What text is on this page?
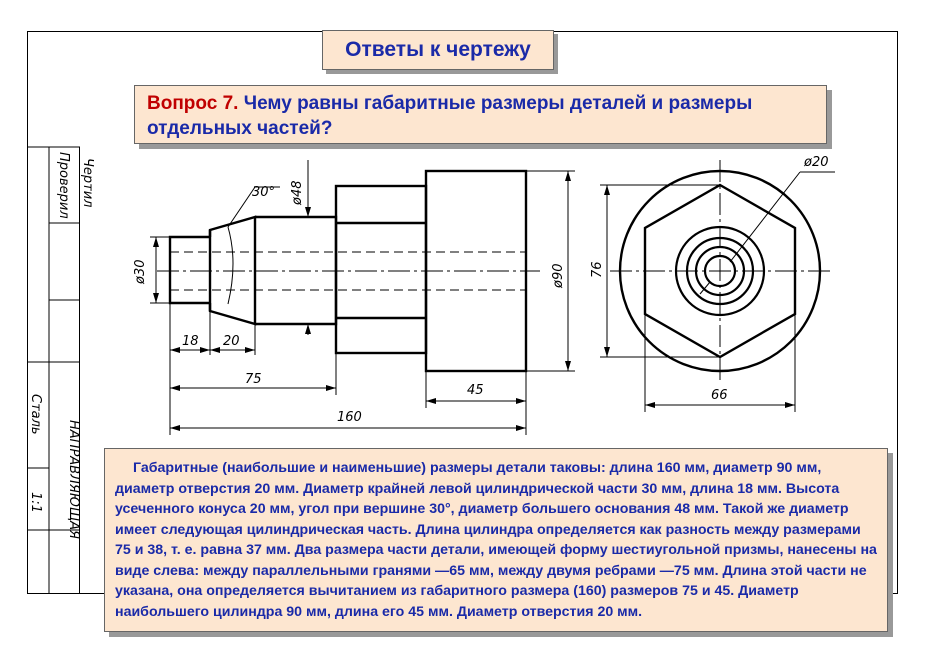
ø30
ø48
30°
18 20
75
45
160
ø90 76
66
ø20
Чертил
Проверил
Сталь
НАПРАВЛЯЮЩАЯ
1:1
Ответы к чертежу
Вопрос 7. Чему равны габаритные размеры деталей и размеры отдельных частей?
Габаритные (наибольшие и наименьшие) размеры детали таковы: длина 160 мм, диаметр 90 мм, диаметр отверстия 20 мм. Диаметр крайней левой цилиндрической части 30 мм, длина 18 мм. Высота усеченного конуса 20 мм, угол при вершине 30°, диаметр большего основания 48 мм. Такой же диаметр имеет следующая цилиндрическая часть. Длина цилиндра определяется как разность между размерами 75 и 38, т. е. равна 37 мм. Два размера части детали, имеющей форму шестиугольной призмы, нанесены на виде слева: между параллельными гранями —65 мм, между двумя ребрами —75 мм. Длина этой части не указана, она определяется вычитанием из габаритного размера (160) размеров 75 и 45. Диаметр наибольшего цилиндра 90 мм, длина его 45 мм. Диаметр отверстия 20 мм.
